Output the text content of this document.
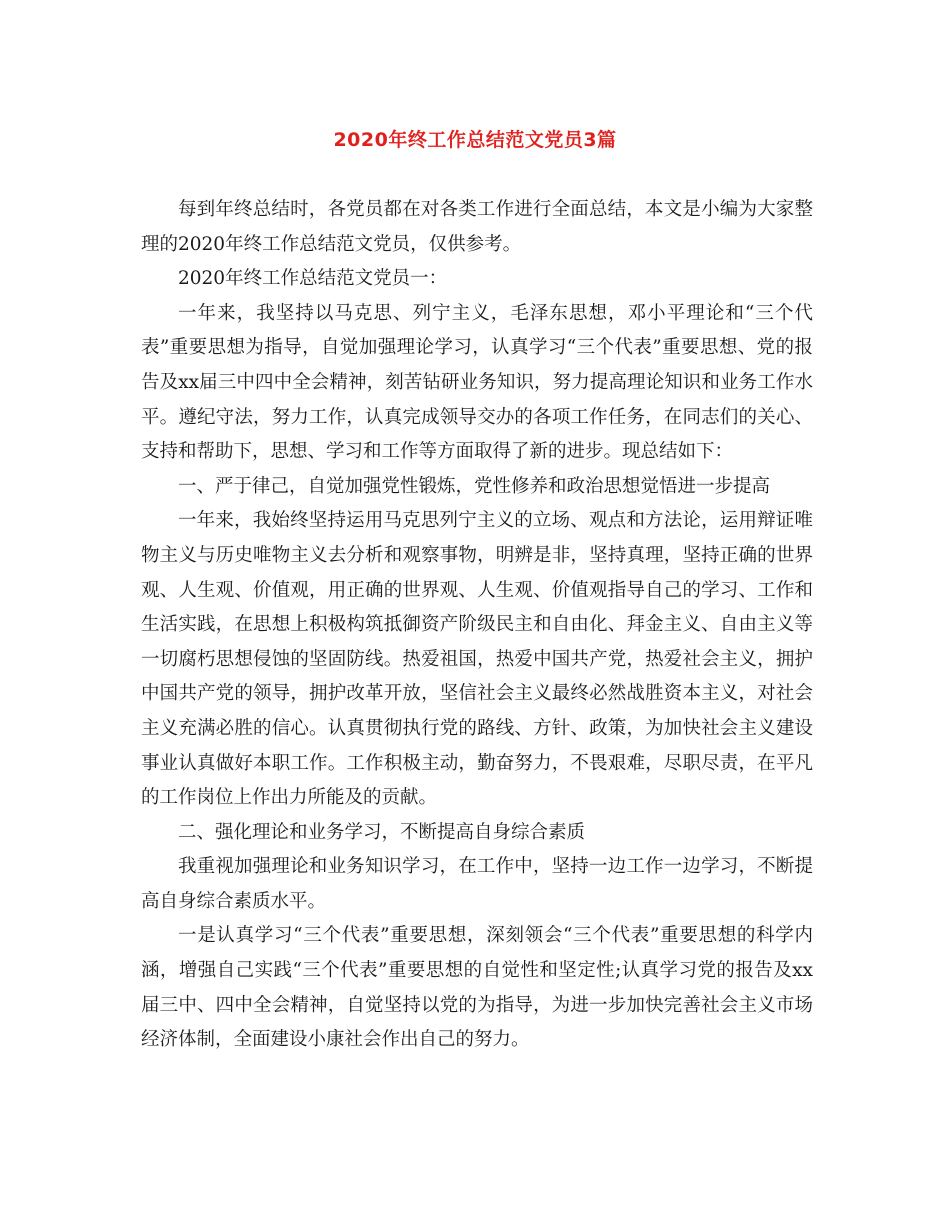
2020年终工作总结范文党员3篇

每到年终总结时，各党员都在对各类工作进行全面总结，本文是小编为大家整理的2020年终工作总结范文党员，仅供参考。

2020年终工作总结范文党员一：

一年来，我坚持以马克思、列宁主义，毛泽东思想，邓小平理论和“三个代表”重要思想为指导，自觉加强理论学习，认真学习“三个代表”重要思想、党的报告及xx届三中四中全会精神，刻苦钻研业务知识，努力提高理论知识和业务工作水平。遵纪守法，努力工作，认真完成领导交办的各项工作任务，在同志们的关心、支持和帮助下，思想、学习和工作等方面取得了新的进步。现总结如下：

一、严于律己，自觉加强党性锻炼，党性修养和政治思想觉悟进一步提高

一年来，我始终坚持运用马克思列宁主义的立场、观点和方法论，运用辩证唯物主义与历史唯物主义去分析和观察事物，明辨是非，坚持真理，坚持正确的世界观、人生观、价值观，用正确的世界观、人生观、价值观指导自己的学习、工作和生活实践，在思想上积极构筑抵御资产阶级民主和自由化、拜金主义、自由主义等一切腐朽思想侵蚀的坚固防线。热爱祖国，热爱中国共产党，热爱社会主义，拥护中国共产党的领导，拥护改革开放，坚信社会主义最终必然战胜资本主义，对社会主义充满必胜的信心。认真贯彻执行党的路线、方针、政策，为加快社会主义建设事业认真做好本职工作。工作积极主动，勤奋努力，不畏艰难，尽职尽责，在平凡的工作岗位上作出力所能及的贡献。

二、强化理论和业务学习，不断提高自身综合素质

我重视加强理论和业务知识学习，在工作中，坚持一边工作一边学习，不断提高自身综合素质水平。

一是认真学习“三个代表”重要思想，深刻领会“三个代表”重要思想的科学内涵，增强自己实践“三个代表”重要思想的自觉性和坚定性;认真学习党的报告及xx届三中、四中全会精神，自觉坚持以党的为指导，为进一步加快完善社会主义市场经济体制，全面建设小康社会作出自己的努力。
